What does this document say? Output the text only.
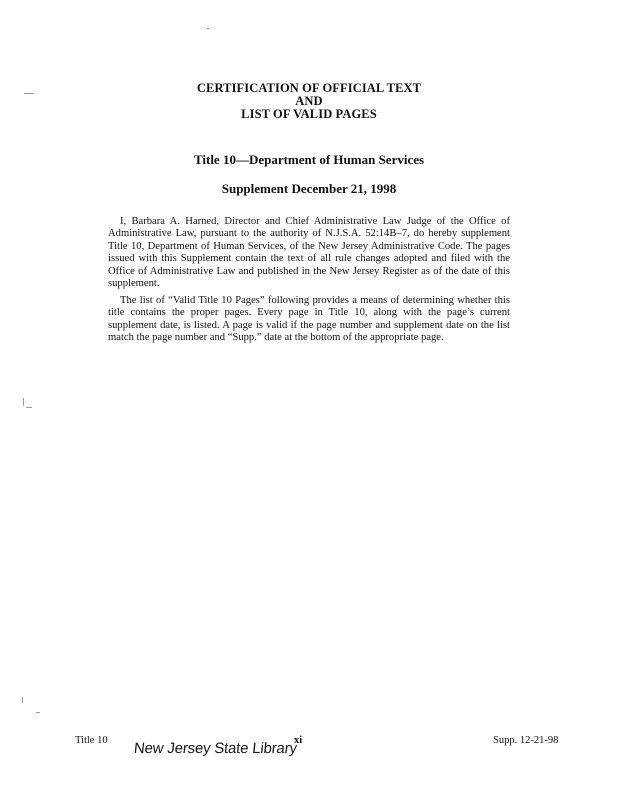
CERTIFICATION OF OFFICIAL TEXT
AND
LIST OF VALID PAGES
Title 10—Department of Human Services
Supplement December 21, 1998

I, Barbara A. Harned, Director and Chief Administrative Law Judge of the Office of Administrative Law, pursuant to the authority of N.J.S.A. 52:14B–7, do hereby supplement Title 10, Department of Human Services, of the New Jersey Administrative Code. The pages issued with this Supplement contain the text of all rule changes adopted and filed with the Office of Administrative Law and published in the New Jersey Register as of the date of this supplement.

The list of “Valid Title 10 Pages” following provides a means of determining whether this title contains the proper pages. Every page in Title 10, along with the page’s current supplement date, is listed. A page is valid if the page number and supplement date on the list match the page number and “Supp.” date at the bottom of the appropriate page.

Title 10 New Jersey State Library
xi	Supp. 12-21-98
